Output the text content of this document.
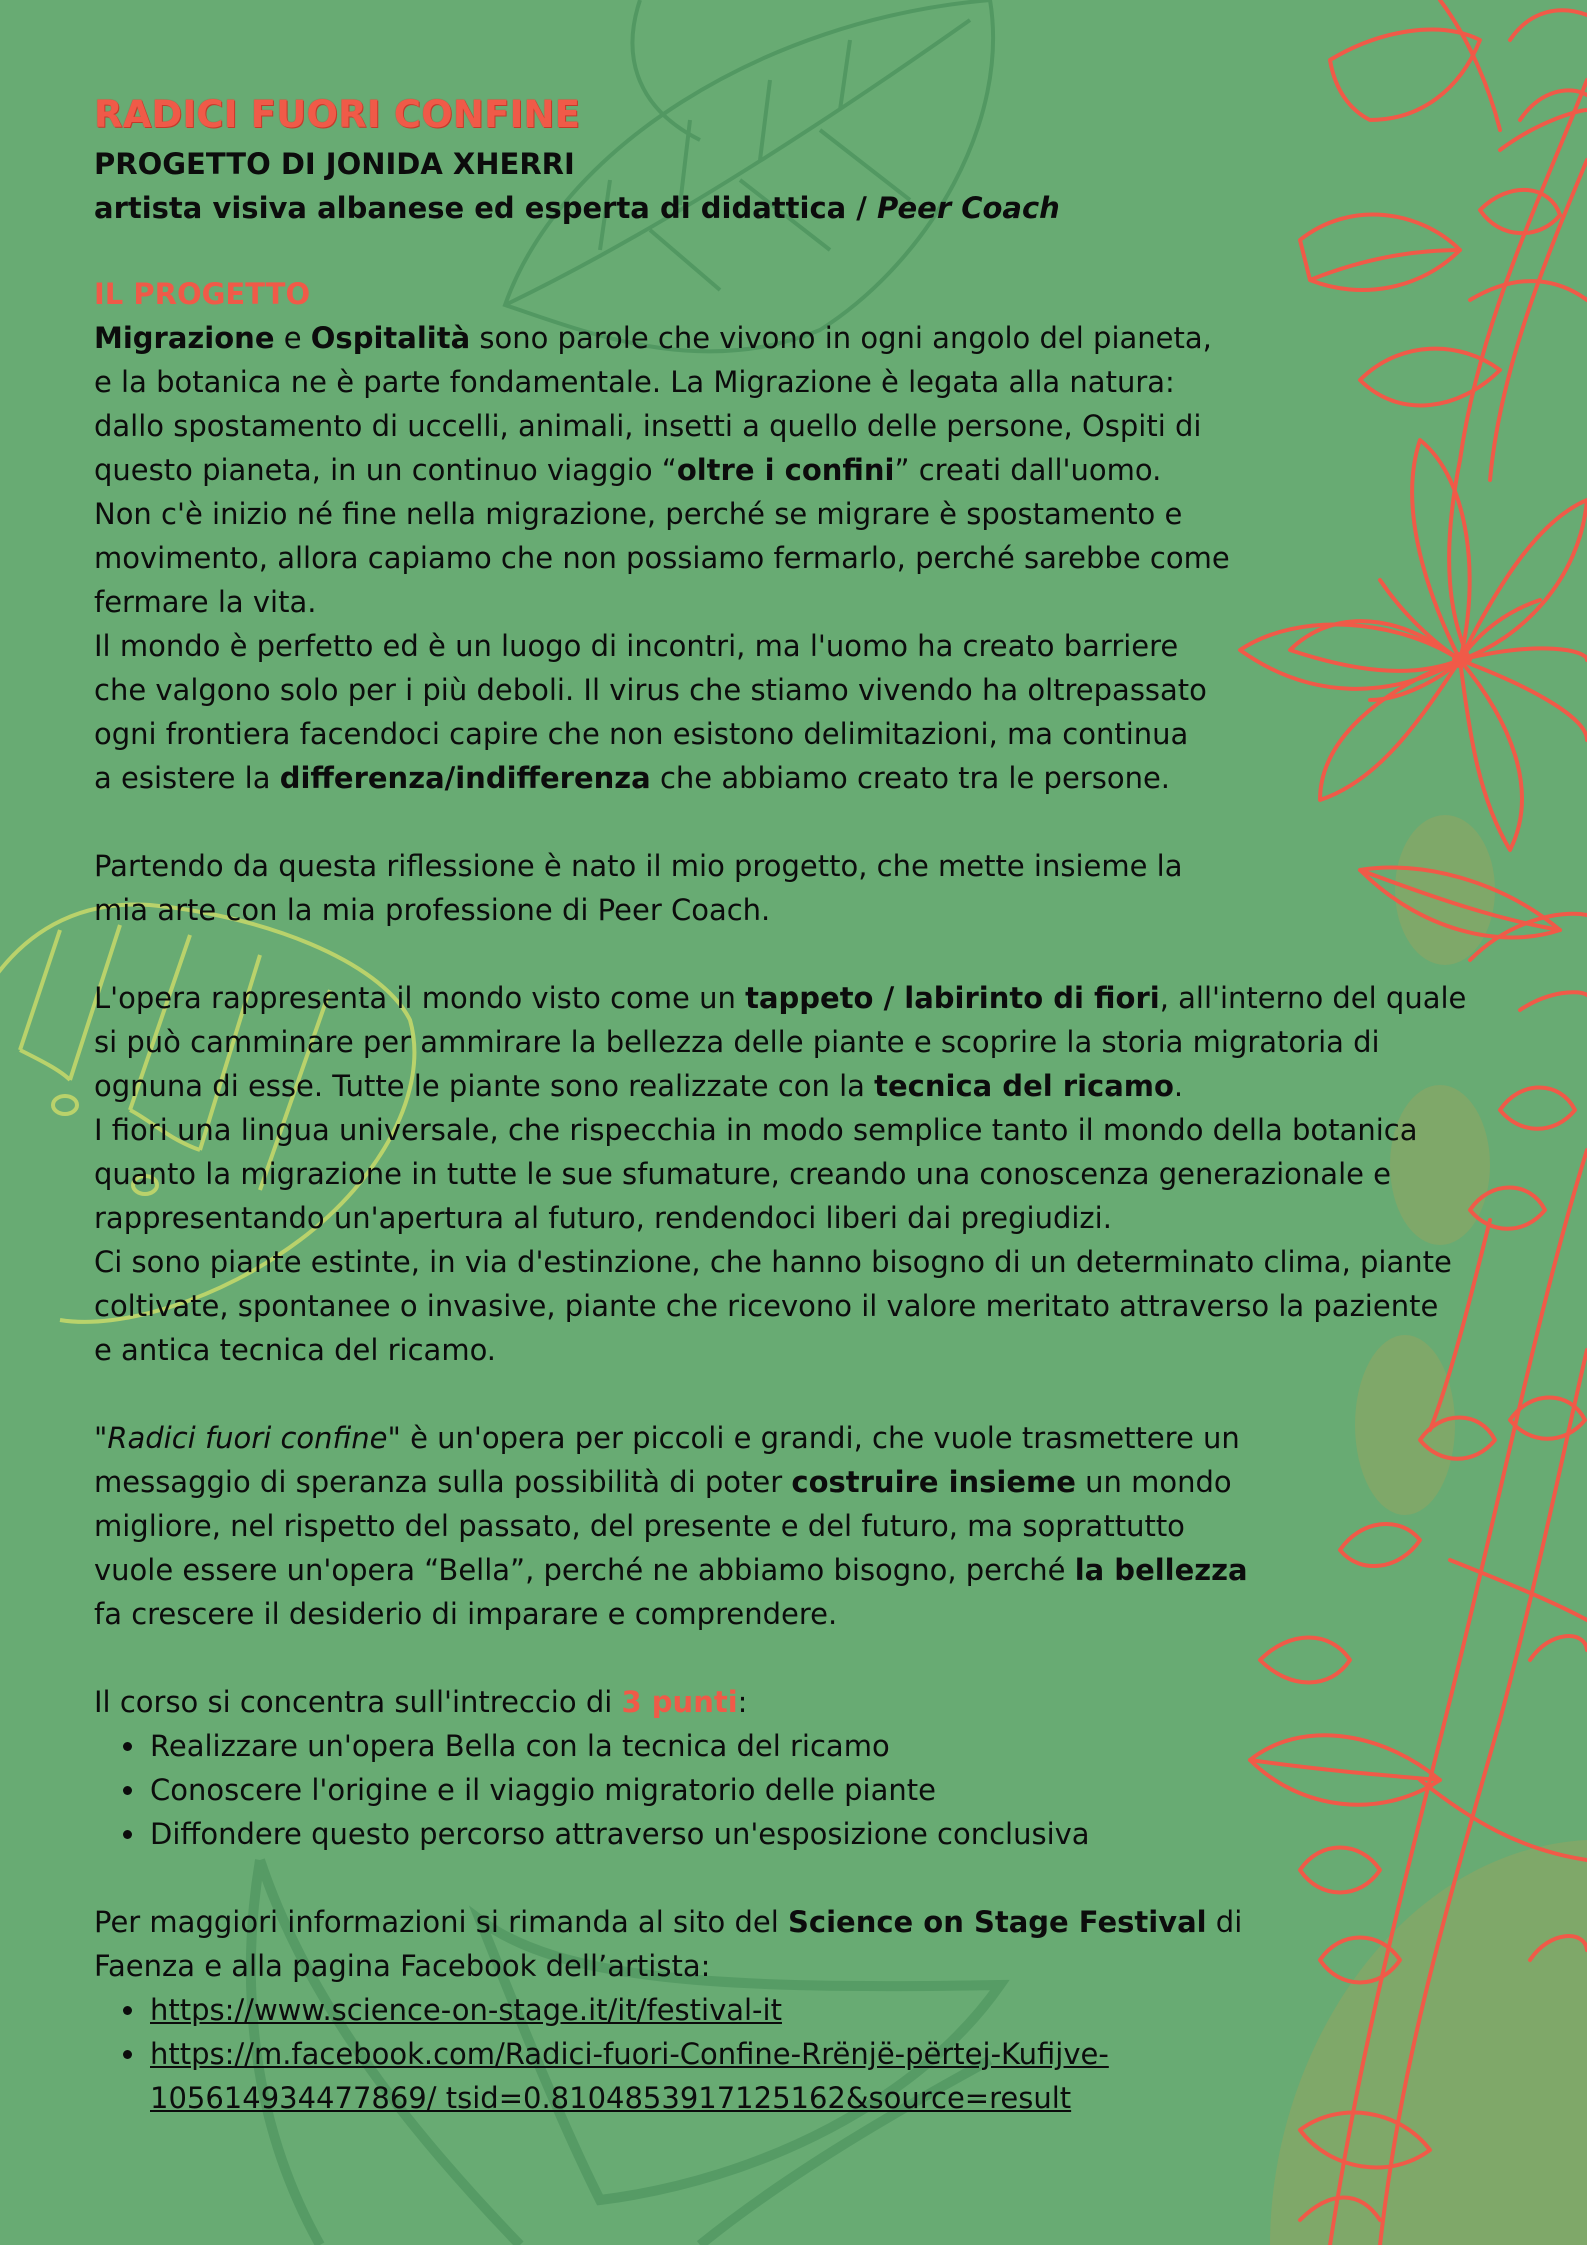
RADICI FUORI CONFINE

PROGETTO DI JONIDA XHERRI

artista visiva albanese ed esperta di didattica / Peer Coach

IL PROGETTO

Migrazione e Ospitalità sono parole che vivono in ogni angolo del pianeta,

e la botanica ne è parte fondamentale. La Migrazione è legata alla natura:

dallo spostamento di uccelli, animali, insetti a quello delle persone, Ospiti di

questo pianeta, in un continuo viaggio “oltre i confini” creati dall'uomo.

Non c'è inizio né fine nella migrazione, perché se migrare è spostamento e

movimento, allora capiamo che non possiamo fermarlo, perché sarebbe come

fermare la vita.

Il mondo è perfetto ed è un luogo di incontri, ma l'uomo ha creato barriere

che valgono solo per i più deboli. Il virus che stiamo vivendo ha oltrepassato

ogni frontiera facendoci capire che non esistono delimitazioni, ma continua

a esistere la differenza/indifferenza che abbiamo creato tra le persone.

Partendo da questa riflessione è nato il mio progetto, che mette insieme la

mia arte con la mia professione di Peer Coach.

L'opera rappresenta il mondo visto come un tappeto / labirinto di fiori, all'interno del quale

si può camminare per ammirare la bellezza delle piante e scoprire la storia migratoria di

ognuna di esse. Tutte le piante sono realizzate con la tecnica del ricamo.

I fiori una lingua universale, che rispecchia in modo semplice tanto il mondo della botanica

quanto la migrazione in tutte le sue sfumature, creando una conoscenza generazionale e

rappresentando un'apertura al futuro, rendendoci liberi dai pregiudizi.

Ci sono piante estinte, in via d'estinzione, che hanno bisogno di un determinato clima, piante

coltivate, spontanee o invasive, piante che ricevono il valore meritato attraverso la paziente

e antica tecnica del ricamo.

"Radici fuori confine" è un'opera per piccoli e grandi, che vuole trasmettere un

messaggio di speranza sulla possibilità di poter costruire insieme un mondo

migliore, nel rispetto del passato, del presente e del futuro, ma soprattutto

vuole essere un'opera “Bella”, perché ne abbiamo bisogno, perché la bellezza

fa crescere il desiderio di imparare e comprendere.

Il corso si concentra sull'intreccio di 3 punti:

• Realizzare un'opera Bella con la tecnica del ricamo
• Conoscere l'origine e il viaggio migratorio delle piante
• Diffondere questo percorso attraverso un'esposizione conclusiva

Per maggiori informazioni si rimanda al sito del Science on Stage Festival di

Faenza e alla pagina Facebook dell’artista:

• https://www.science-on-stage.it/it/festival-it
• https://m.facebook.com/Radici-fuori-Confine-Rrënjë-përtej-Kufijve-
105614934477869/ tsid=0.8104853917125162&source=result
